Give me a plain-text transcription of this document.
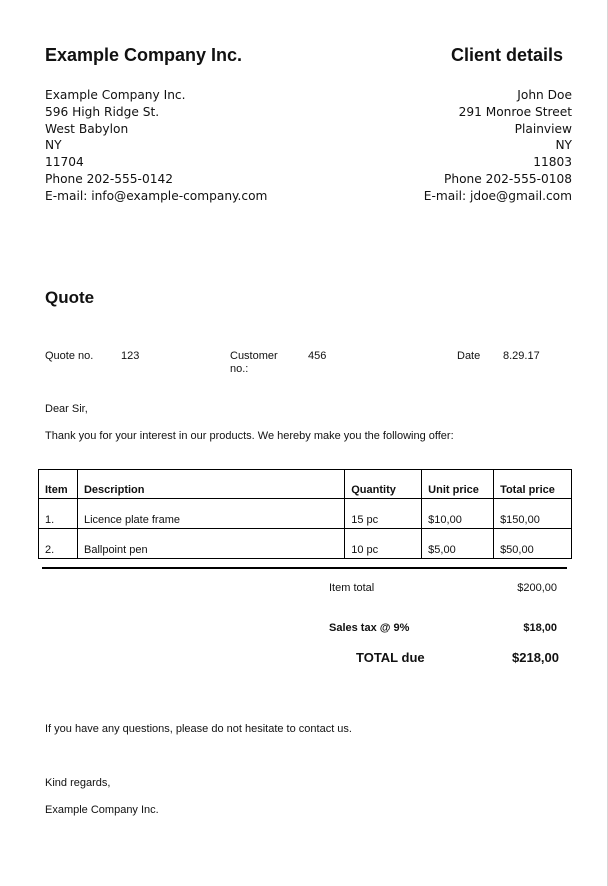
Example Company Inc.	Client details
Example Company Inc.
596 High Ridge St.
West Babylon
NY
11704
Phone 202-555-0142
E-mail: info@example-company.com
John Doe
291 Monroe Street
Plainview
NY
11803
Phone 202-555-0108
E-mail: jdoe@gmail.com
Quote
Quote no.	123	Customer
no.:
456	Date 8.29.17
Dear Sir,
Thank you for your interest in our products. We hereby make you the following offer:
Item	Description	Quantity	Unit price	Total price
1.	Licence plate frame	15 pc	$10,00	$150,00
2.	Ballpoint pen	10 pc	$5,00	$50,00
Item total	$200,00
Sales tax @ 9%	$18,00
TOTAL due	$218,00
If you have any questions, please do not hesitate to contact us.
Kind regards,
Example Company Inc.
